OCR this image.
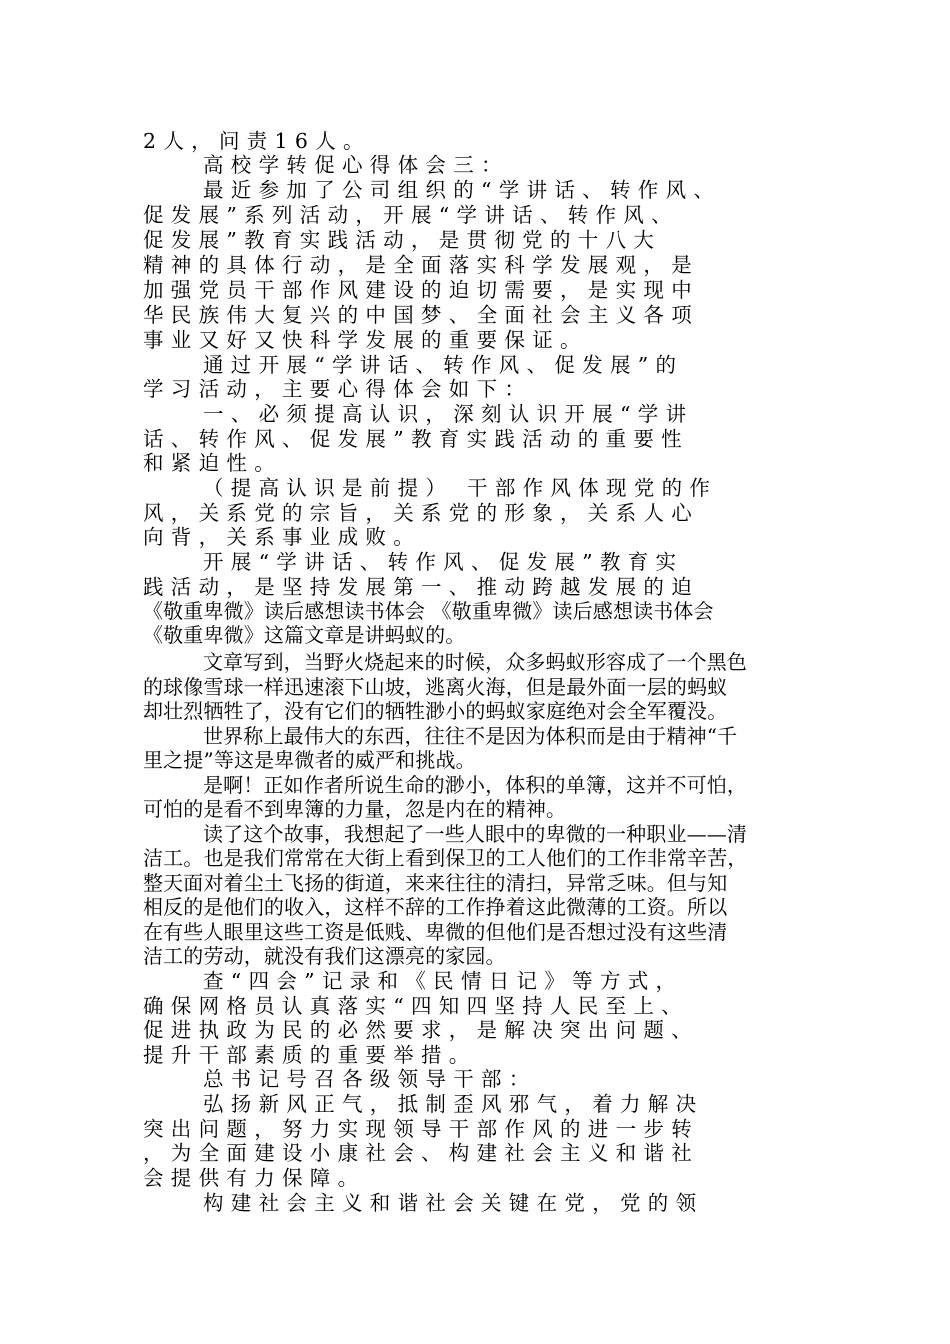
2人，问责16人。
高校学转促心得体会三：
最近参加了公司组织的“学讲话、转作风、
促发展”系列活动，开展“学讲话、转作风、
促发展”教育实践活动，是贯彻党的十八大
精神的具体行动，是全面落实科学发展观，是
加强党员干部作风建设的迫切需要，是实现中
华民族伟大复兴的中国梦、全面社会主义各项
事业又好又快科学发展的重要保证。
通过开展“学讲话、转作风、促发展”的
学习活动，主要心得体会如下：
一、必须提高认识，深刻认识开展“学讲
话、转作风、促发展”教育实践活动的重要性
和紧迫性。
（提高认识是前提） 干部作风体现党的作
风，关系党的宗旨，关系党的形象，关系人心
向背，关系事业成败。
开展“学讲话、转作风、促发展”教育实
践活动，是坚持发展第一、推动跨越发展的迫
《敬重卑微》读后感想读书体会 《敬重卑微》读后感想读书体会
《敬重卑微》这篇文章是讲蚂蚁的。
文章写到，当野火烧起来的时候，众多蚂蚁形容成了一个黑色
的球像雪球一样迅速滚下山坡，逃离火海，但是最外面一层的蚂蚁
却壮烈牺牲了，没有它们的牺牲渺小的蚂蚁家庭绝对会全军覆没。
世界称上最伟大的东西，往往不是因为体积而是由于精神“千
里之提”等这是卑微者的威严和挑战。
是啊！正如作者所说生命的渺小，体积的单簿，这并不可怕，
可怕的是看不到卑簿的力量，忽是内在的精神。
读了这个故事，我想起了一些人眼中的卑微的一种职业——清
洁工。也是我们常常在大街上看到保卫的工人他们的工作非常辛苦，
整天面对着尘土飞扬的街道，来来往往的清扫，异常乏味。但与知
相反的是他们的收入，这样不辞的工作挣着这此微薄的工资。所以
在有些人眼里这些工资是低贱、卑微的但他们是否想过没有这些清
洁工的劳动，就没有我们这漂亮的家园。
查“四会”记录和《民情日记》等方式，
确保网格员认真落实“四知四坚持人民至上、
促进执政为民的必然要求，是解决突出问题、
提升干部素质的重要举措。
总书记号召各级领导干部：
弘扬新风正气，抵制歪风邪气，着力解决
突出问题，努力实现领导干部作风的进一步转
，为全面建设小康社会、构建社会主义和谐社
会提供有力保障。
构建社会主义和谐社会关键在党，党的领
